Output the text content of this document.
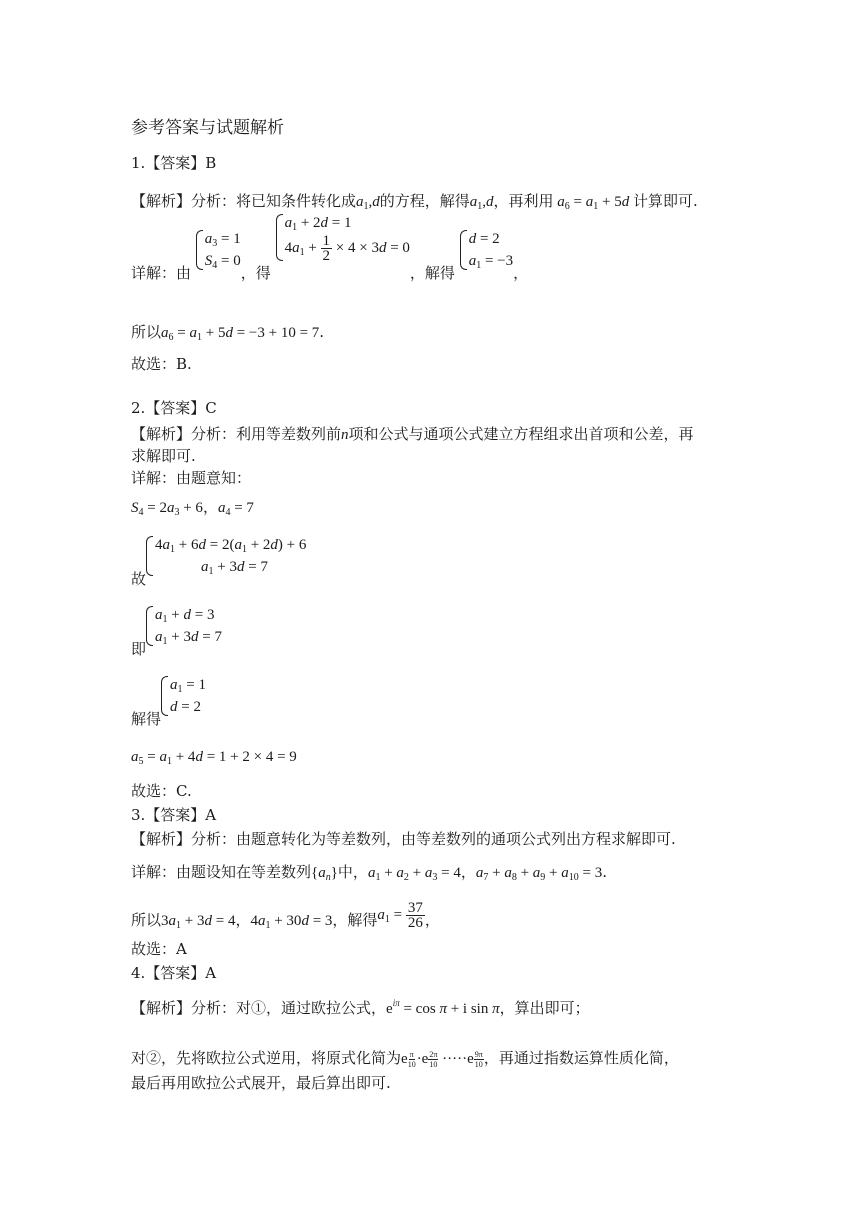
参考答案与试题解析
1.【答案】B
【解析】分析：将已知条件转化成$a_1,d$的方程，解得$a_1,d$，再利用 $a_6 = a_1 + 5d$ 计算即可.
详解：由
$a_3 = 1$
$S_4 = 0$
，得
$a_1 + 2d = 1$
$4a_1 + \frac{1}{2} \times 4 \times 3d = 0$
，解得
d = 2
$a_1 = -3$
，
所以$a_6 = a_1 + 5d = -3 + 10 = 7$.
故选：B.
2.【答案】C
【解析】分析：利用等差数列前n项和公式与通项公式建立方程组求出首项和公差，再
求解即可.
详解：由题意知：
$S_4 = 2a_3 + 6$，$a_4 = 7$
故
$4a_1 + 6d = 2(a_1 + 2d) + 6$
$a_1 + 3d = 7$
即
$a_1 + d = 3$
$a_1 + 3d = 7$
解得
$a_1 = 1$
d = 2
$a_5 = a_1 + 4d = 1 + 2 \times 4 = 9$
故选：C.
3.【答案】A
【解析】分析：由题意转化为等差数列，由等差数列的通项公式列出方程求解即可.
详解：由题设知在等差数列$\{a_n\}$中，$a_1 + a_2 + a_3 = 4$，$a_7 + a_8 + a_9 + a_{10} = 3$.
所以$3a_1 + 3d = 4$，$4a_1 + 30d = 3$，解得$a_1 = \frac{37}{26}$ ，
故选：A
4.【答案】A
【解析】分析：对①，通过欧拉公式，$e^{i\pi} = \cos \pi + i$ sin π，算出即可；
对②，先将欧拉公式逆用，将原式化简为e $\frac{\pi}{10} \cdot e \frac{2\pi}{10} \cdot\cdot\cdot\cdot\cdot e \frac{9\pi}{10}$ ，再通过指数运算性质化简，
最后再用欧拉公式展开，最后算出即可.
